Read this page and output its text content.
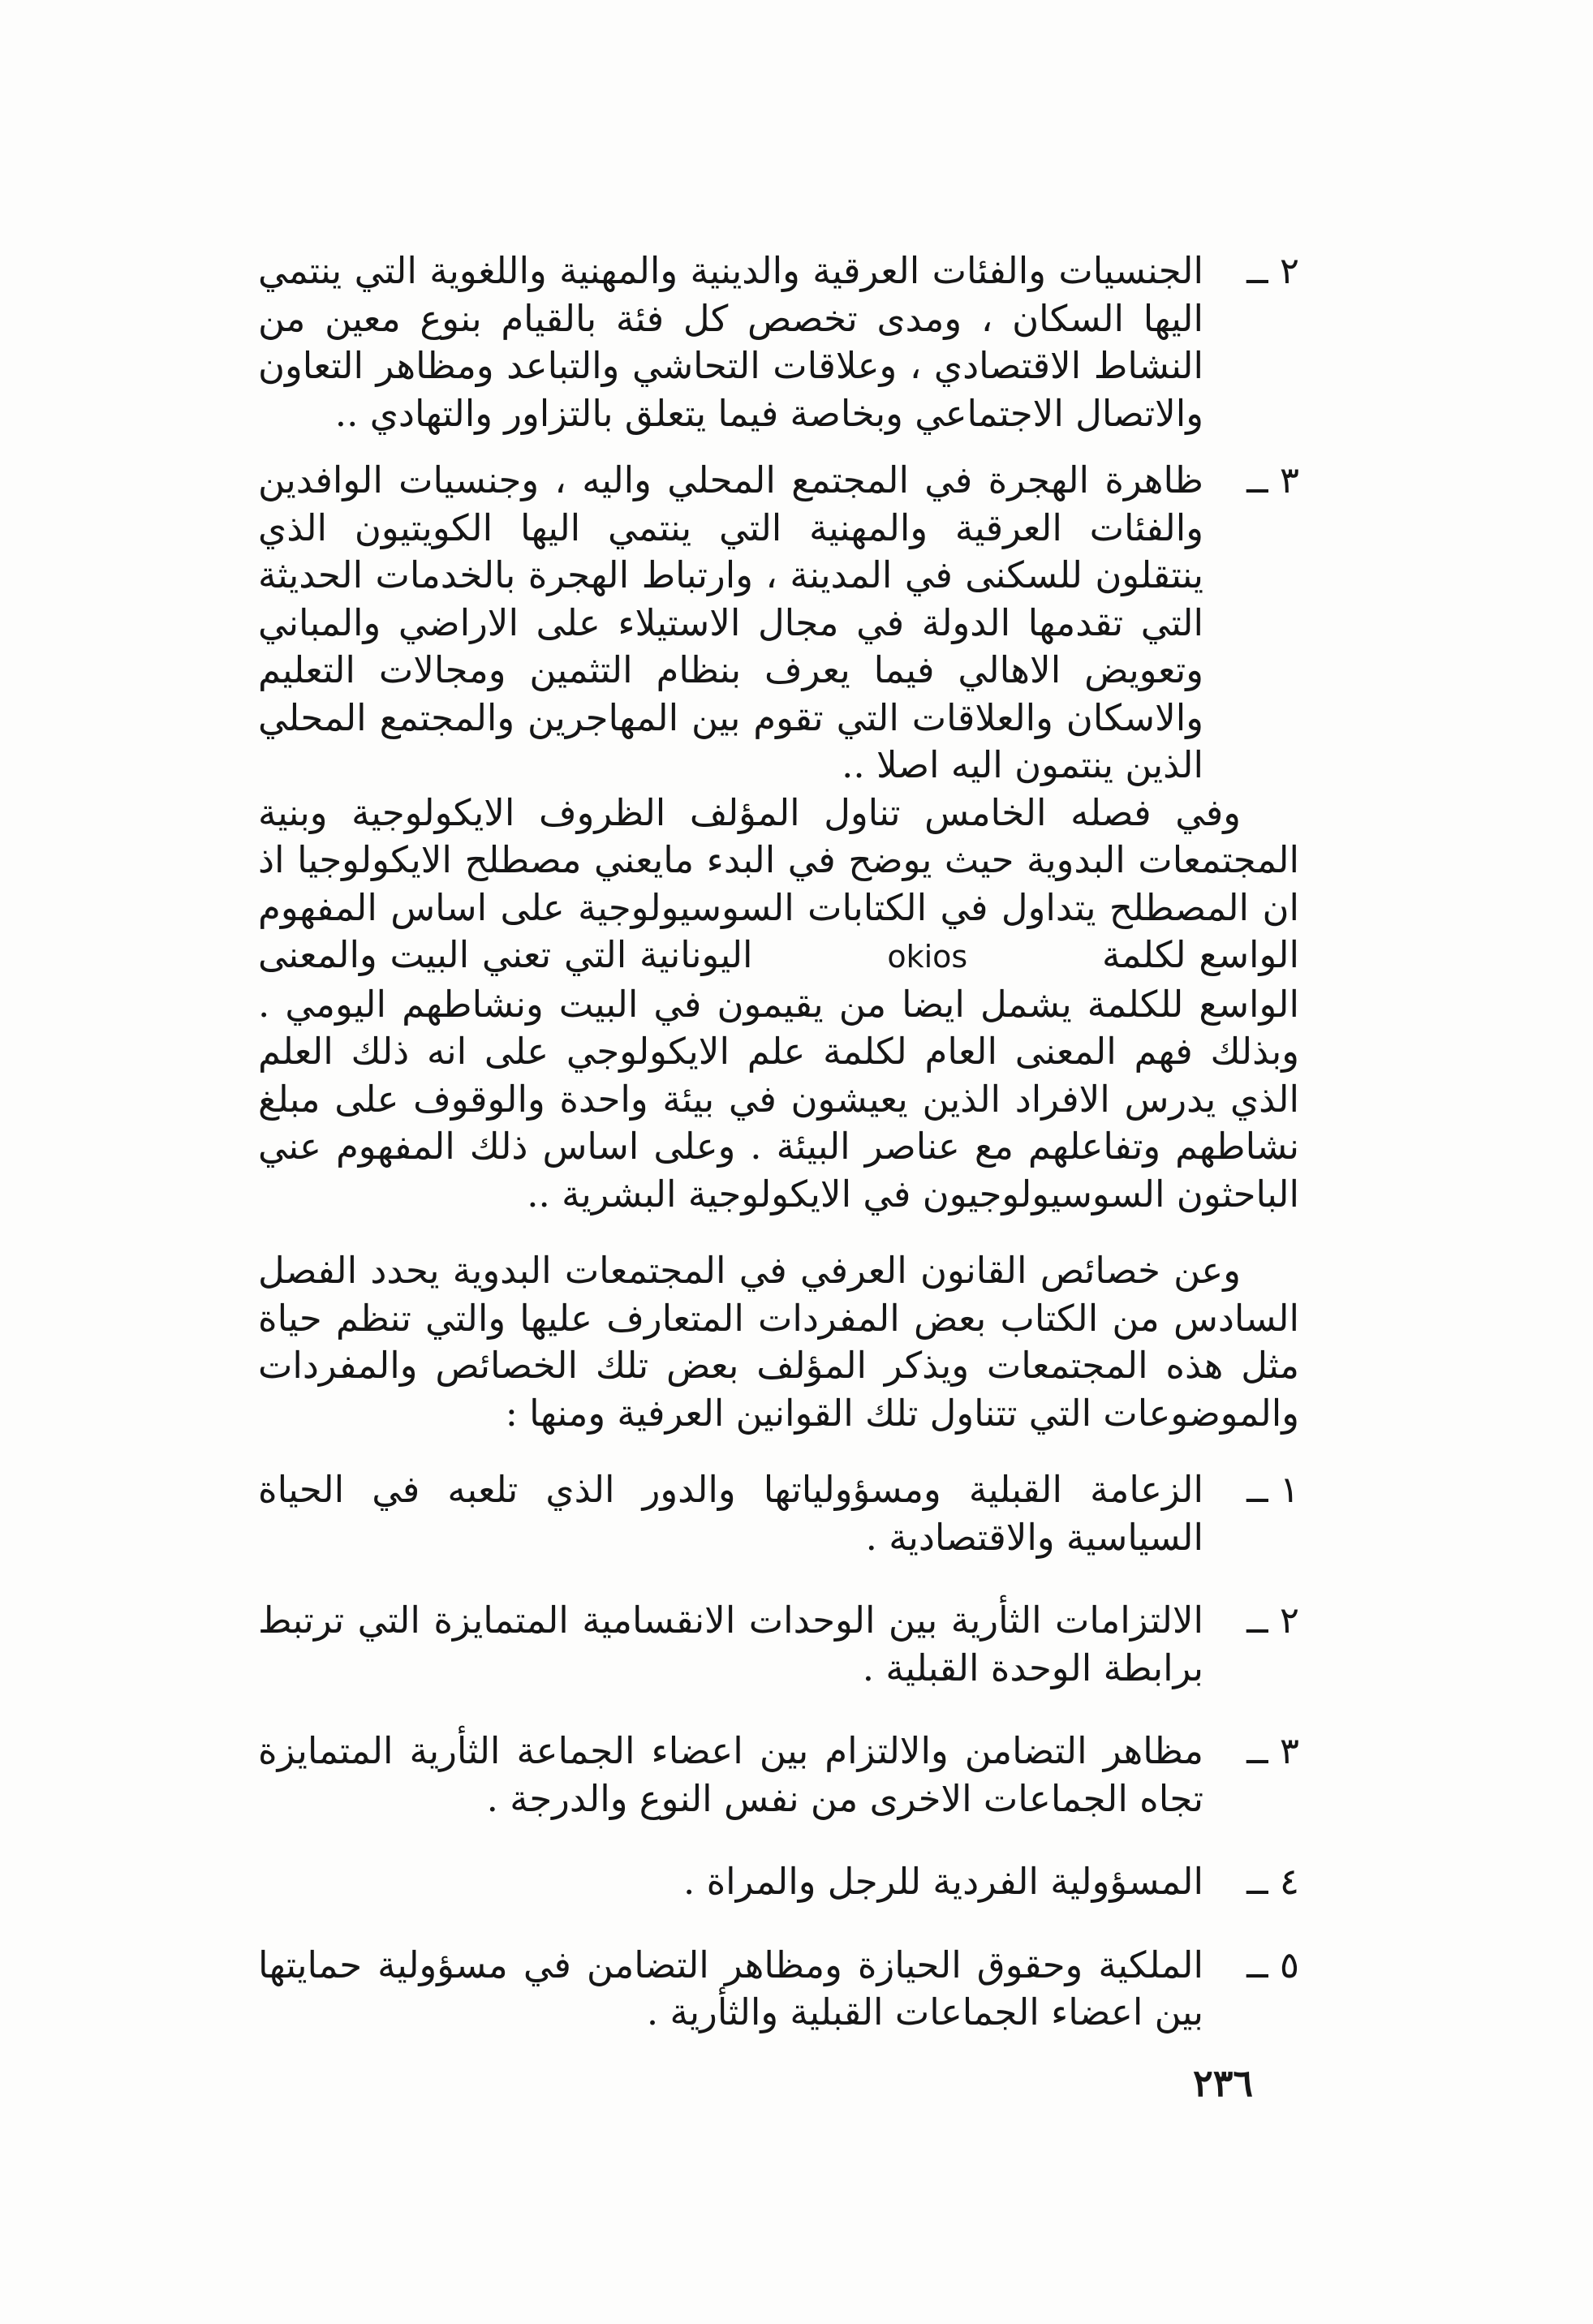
٢ ــ
الجنسيات والفئات العرقية والدينية والمهنية واللغوية التي ينتمي اليها السكان ، ومدى تخصص كل فئة بالقيام بنوع معين من النشاط الاقتصادي ، وعلاقات التحاشي والتباعد ومظاهر التعاون والاتصال الاجتماعي وبخاصة فيما يتعلق بالتزاور والتهادي ..
٣ ــ
ظاهرة الهجرة في المجتمع المحلي واليه ، وجنسيات الوافدين والفئات العرقية والمهنية التي ينتمي اليها الكويتيون الذي ينتقلون للسكنى في المدينة ، وارتباط الهجرة بالخدمات الحديثة التي تقدمها الدولة في مجال الاستيلاء على الاراضي والمباني وتعويض الاهالي فيما يعرف بنظام التثمين ومجالات التعليم والاسكان والعلاقات التي تقوم بين المهاجرين والمجتمع المحلي الذين ينتمون اليه اصلا ..

وفي فصله الخامس تناول المؤلف الظروف الايكولوجية وبنية المجتمعات البدوية حيث يوضح في البدء مايعني مصطلح الايكولوجيا اذ ان المصطلح يتداول في الكتابات السوسيولوجية على اساس المفهوم الواسع لكلمة okios اليونانية التي تعني البيت والمعنى الواسع للكلمة يشمل ايضا من يقيمون في البيت ونشاطهم اليومي . وبذلك فهم المعنى العام لكلمة علم الايكولوجي على انه ذلك العلم الذي يدرس الافراد الذين يعيشون في بيئة واحدة والوقوف على مبلغ نشاطهم وتفاعلهم مع عناصر البيئة . وعلى اساس ذلك المفهوم عني الباحثون السوسيولوجيون في الايكولوجية البشرية ..

وعن خصائص القانون العرفي في المجتمعات البدوية يحدد الفصل السادس من الكتاب بعض المفردات المتعارف عليها والتي تنظم حياة مثل هذه المجتمعات ويذكر المؤلف بعض تلك الخصائص والمفردات والموضوعات التي تتناول تلك القوانين العرفية ومنها :

١ ــ
الزعامة القبلية ومسؤولياتها والدور الذي تلعبه في الحياة السياسية والاقتصادية .
٢ ــ
الالتزامات الثأرية بين الوحدات الانقسامية المتمايزة التي ترتبط برابطة الوحدة القبلية .
٣ ــ
مظاهر التضامن والالتزام بين اعضاء الجماعة الثأرية المتمايزة تجاه الجماعات الاخرى من نفس النوع والدرجة .
٤ ــ
المسؤولية الفردية للرجل والمراة .
٥ ــ
الملكية وحقوق الحيازة ومظاهر التضامن في مسؤولية حمايتها بين اعضاء الجماعات القبلية والثأرية .
٢٣٦
